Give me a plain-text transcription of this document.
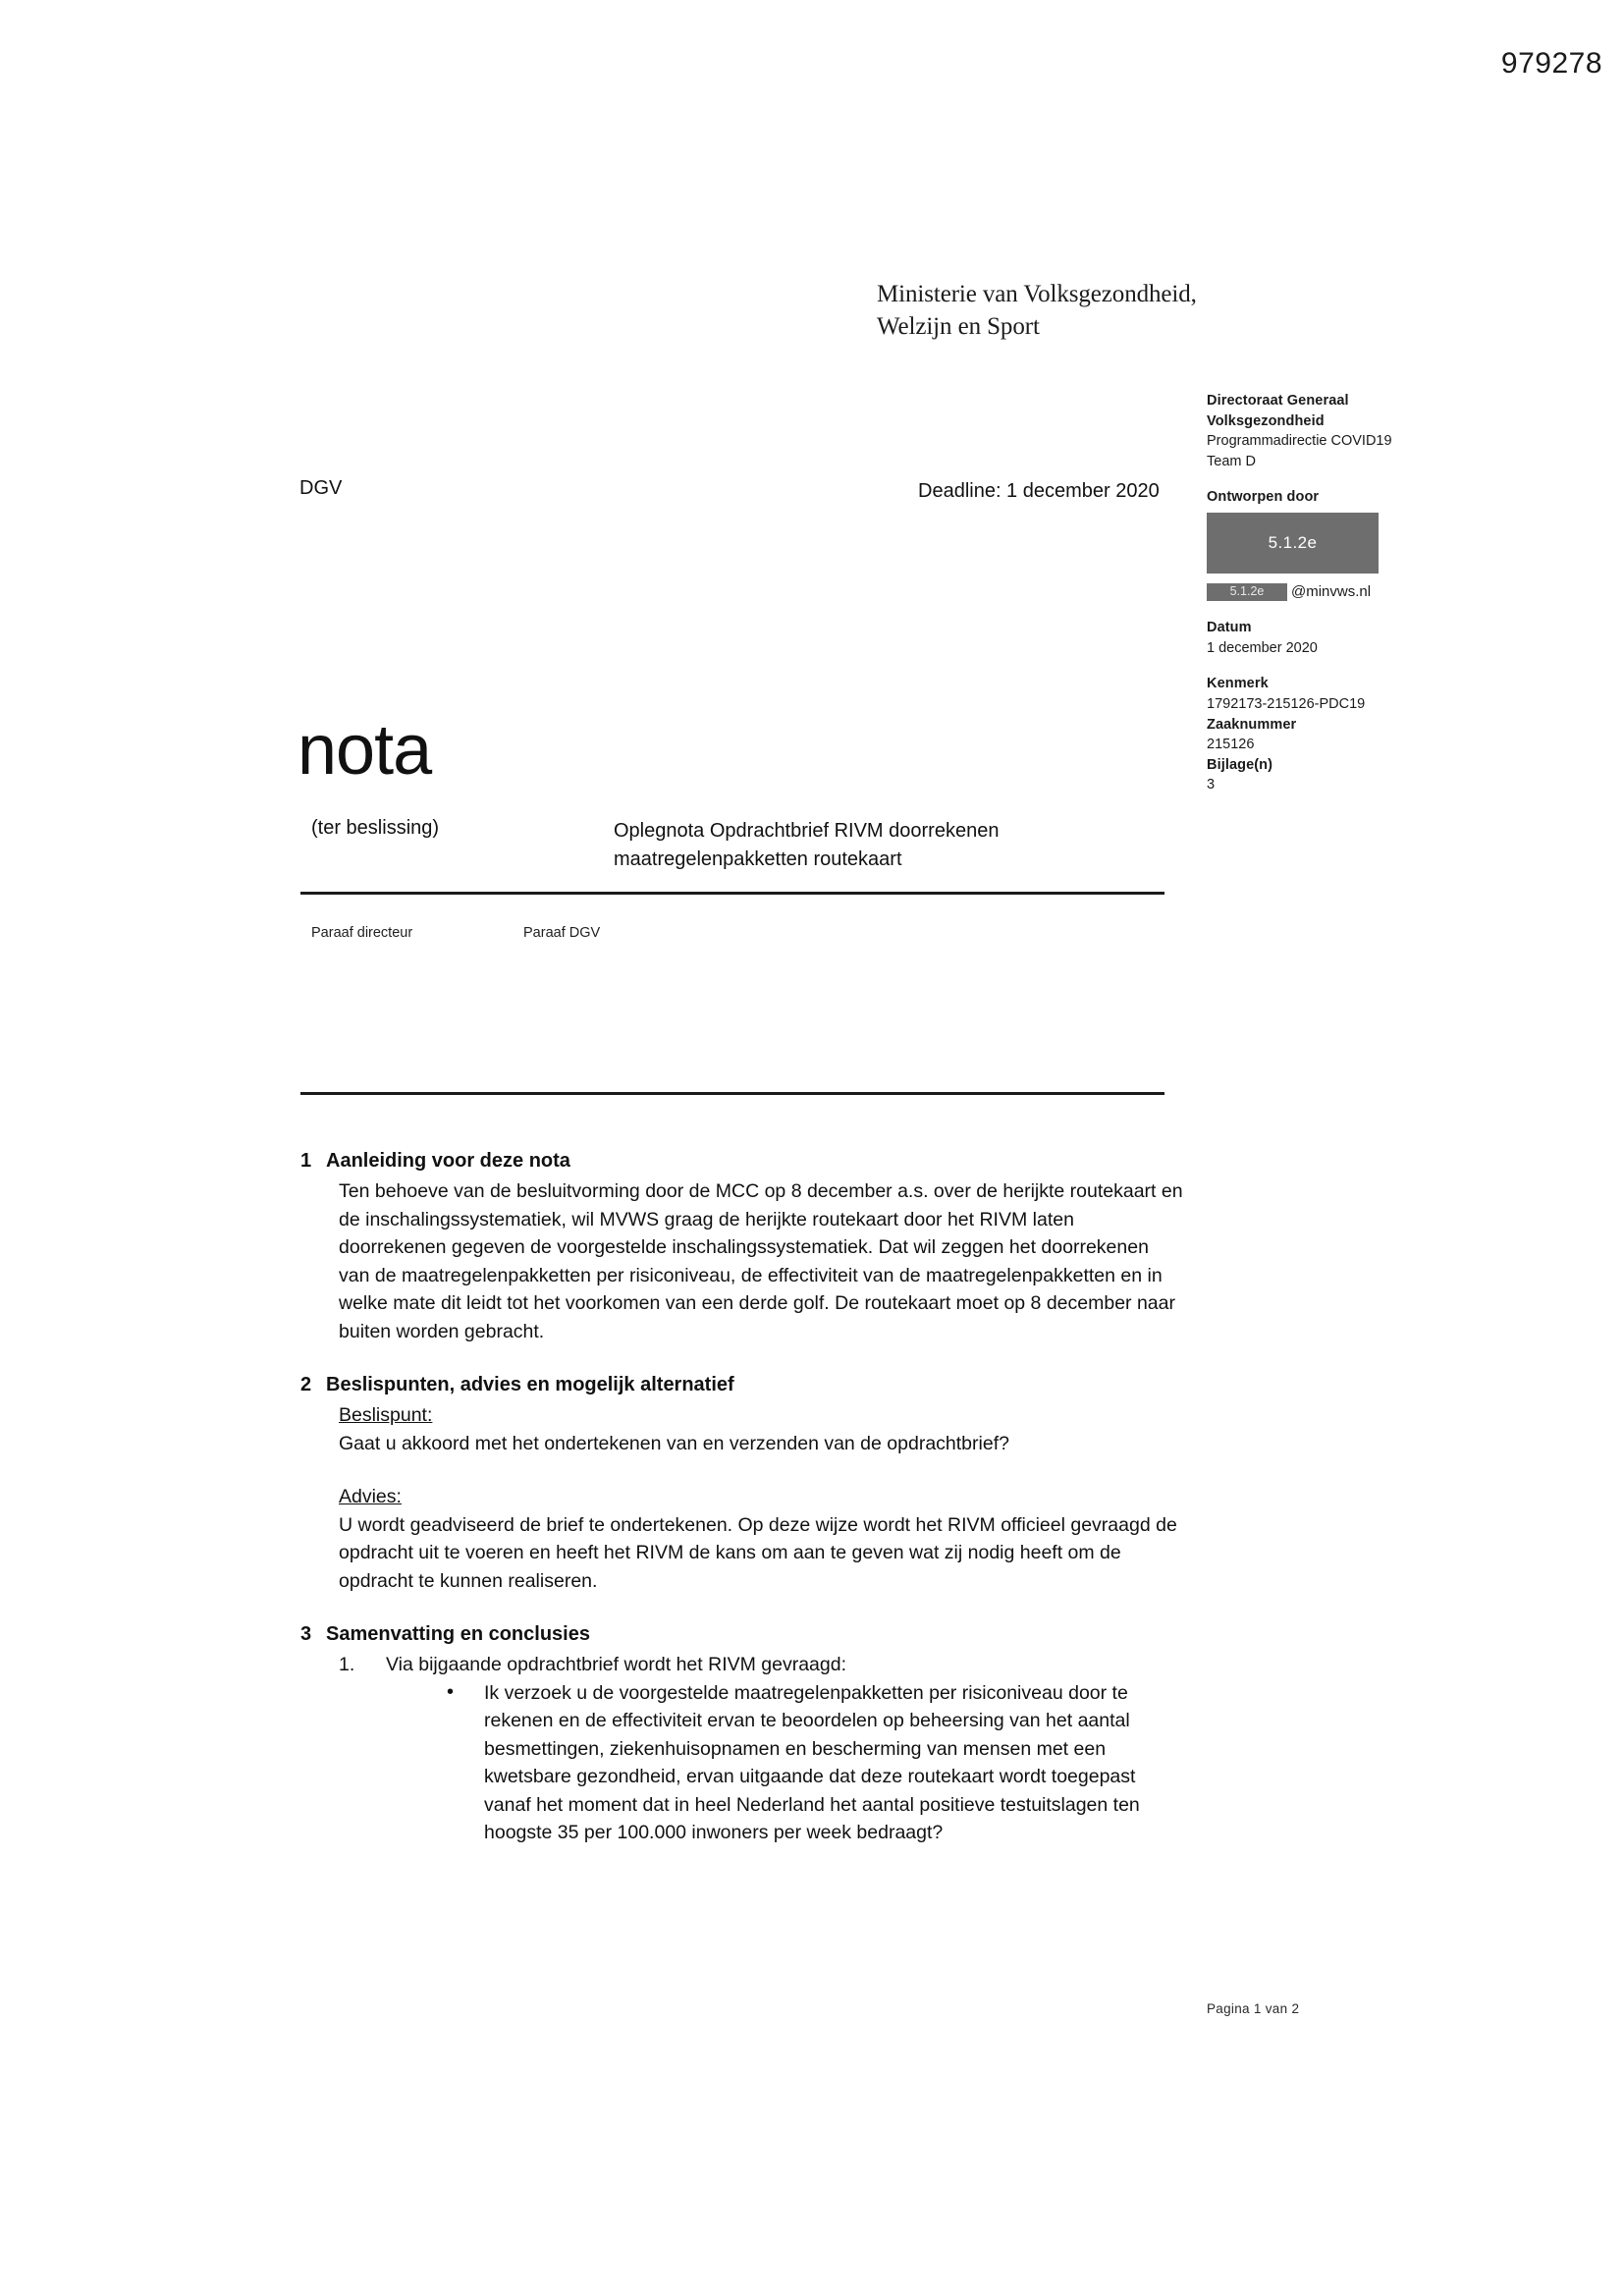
979278
Ministerie van Volksgezondheid,
Welzijn en Sport
Directoraat Generaal
Volksgezondheid
Programmadirectie COVID19
Team D
Ontworpen door
5.1.2e
5.1.2e	@minvws.nl
Datum
1 december 2020
Kenmerk
1792173-215126-PDC19
Zaaknummer
215126
Bijlage(n)
3
DGV	Deadline: 1 december 2020
nota
(ter beslissing)	Oplegnota Opdrachtbrief RIVM doorrekenen maatregelenpakketten routekaart
Paraaf directeur	Paraaf DGV
1 Aanleiding voor deze nota

Ten behoeve van de besluitvorming door de MCC op 8 december a.s. over de herijkte routekaart en de inschalingssystematiek, wil MVWS graag de herijkte routekaart door het RIVM laten doorrekenen gegeven de voorgestelde inschalingssystematiek. Dat wil zeggen het doorrekenen van de maatregelenpakketten per risiconiveau, de effectiviteit van de maatregelenpakketten en in welke mate dit leidt tot het voorkomen van een derde golf. De routekaart moet op 8 december naar buiten worden gebracht.

2 Beslispunten, advies en mogelijk alternatief

Beslispunt:

Gaat u akkoord met het ondertekenen van en verzenden van de opdrachtbrief?

Advies:

U wordt geadviseerd de brief te ondertekenen. Op deze wijze wordt het RIVM officieel gevraagd de opdracht uit te voeren en heeft het RIVM de kans om aan te geven wat zij nodig heeft om de opdracht te kunnen realiseren.

3 Samenvatting en conclusies
1. Via bijgaande opdrachtbrief wordt het RIVM gevraagd:
• Ik verzoek u de voorgestelde maatregelenpakketten per risiconiveau door te rekenen en de effectiviteit ervan te beoordelen op beheersing van het aantal besmettingen, ziekenhuisopnamen en bescherming van mensen met een kwetsbare gezondheid, ervan uitgaande dat deze routekaart wordt toegepast vanaf het moment dat in heel Nederland het aantal positieve testuitslagen ten hoogste 35 per 100.000 inwoners per week bedraagt?
Pagina 1 van 2
